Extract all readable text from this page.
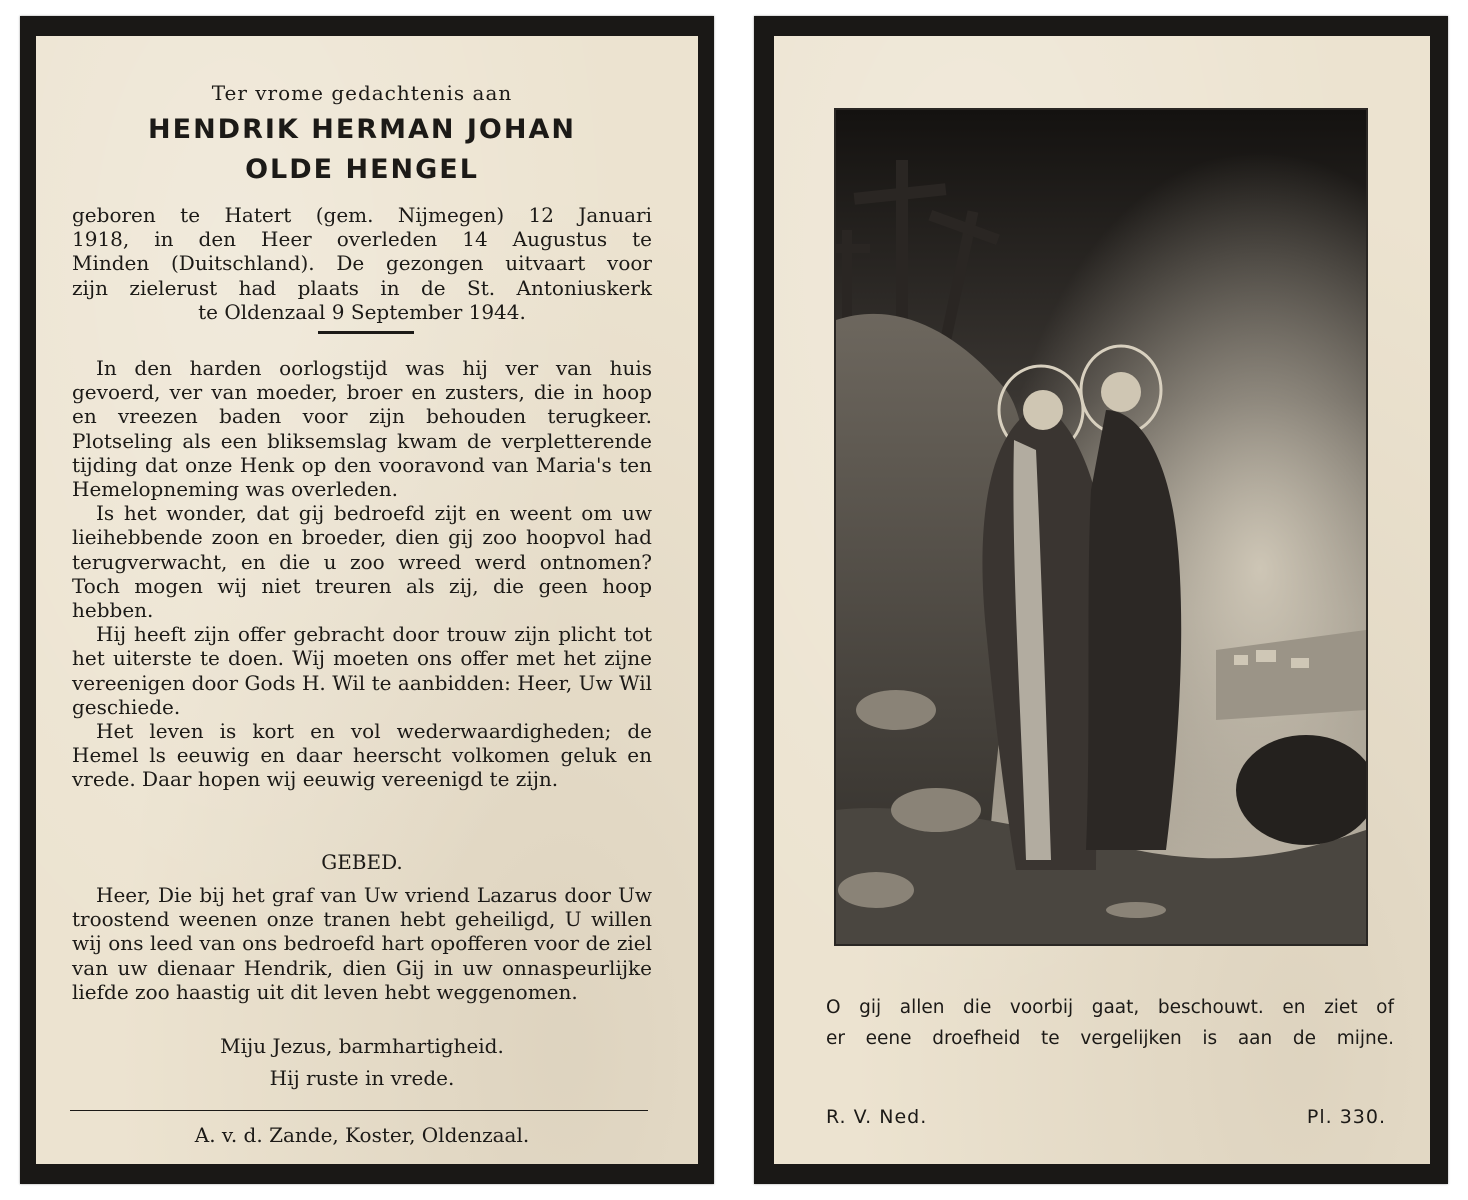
Ter vrome gedachtenis aan
HENDRIK HERMAN JOHAN
OLDE HENGEL
geboren te Hatert (gem. Nijmegen) 12 Januari
1918, in den Heer overleden 14 Augustus te
Minden (Duitschland). De gezongen uitvaart voor
zijn zielerust had plaats in de St. Antoniuskerk
te Oldenzaal 9 September 1944.
In den harden oorlogstijd was hij ver van huis gevoerd, ver van moeder, broer en zusters, die in hoop en vreezen baden voor zijn behouden terugkeer. Plotseling als een bliksemslag kwam de verpletterende tijding dat onze Henk op den vooravond van Maria's ten Hemelopneming was overleden.
Is het wonder, dat gij bedroefd zijt en weent om uw lieihebbende zoon en broeder, dien gij zoo hoopvol had terugverwacht, en die u zoo wreed werd ontnomen? Toch mogen wij niet treuren als zij, die geen hoop hebben.
Hij heeft zijn offer gebracht door trouw zijn plicht tot het uiterste te doen. Wij moeten ons offer met het zijne vereenigen door Gods H. Wil te aanbidden: Heer, Uw Wil geschiede.
Het leven is kort en vol wederwaardigheden; de Hemel ls eeuwig en daar heerscht volkomen geluk en vrede. Daar hopen wij eeuwig vereenigd te zijn.
GEBED.
Heer, Die bij het graf van Uw vriend Lazarus door Uw troostend weenen onze tranen hebt geheiligd, U willen wij ons leed van ons bedroefd hart opofferen voor de ziel van uw dienaar Hendrik, dien Gij in uw onnaspeurlijke liefde zoo haastig uit dit leven hebt weggenomen.
Miju Jezus, barmhartigheid.
Hij ruste in vrede.
A. v. d. Zande, Koster, Oldenzaal.
O gij allen die voorbij gaat, beschouwt. en ziet of
er eene droefheid te vergelijken is aan de mijne.
R. V. Ned.	Pl. 330.
